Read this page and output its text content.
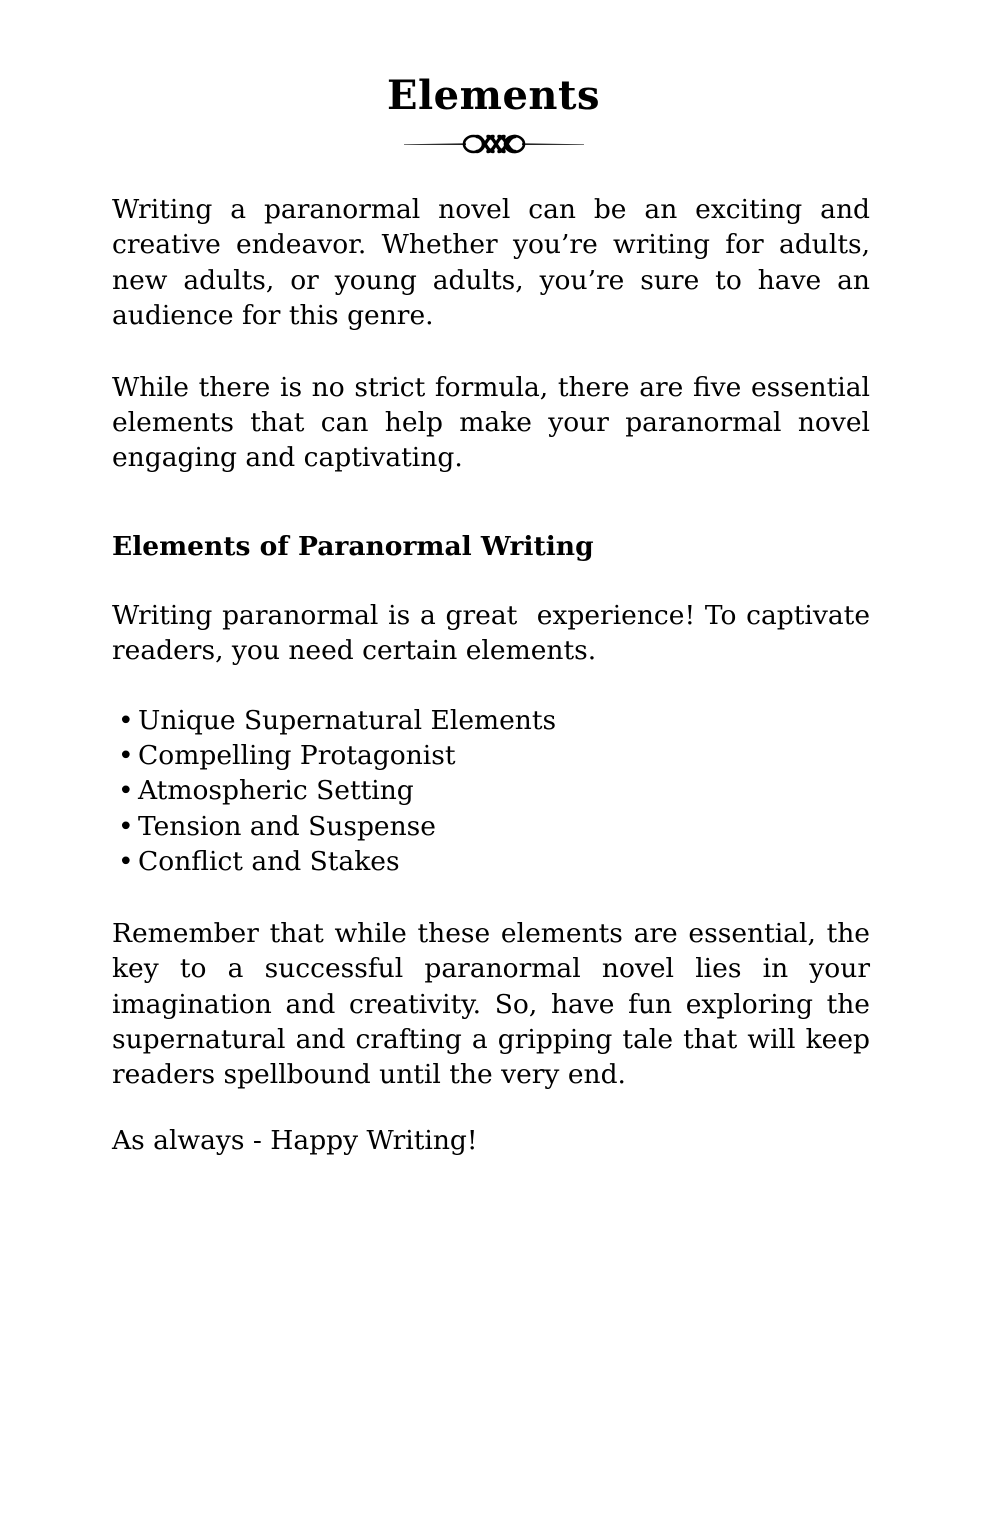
Elements

Writing a paranormal novel can be an exciting and creative endeavor. Whether you’re writing for adults, new adults, or young adults, you’re sure to have an audience for this genre.

While there is no strict formula, there are five essential elements that can help make your paranormal novel engaging and captivating.

Elements of Paranormal Writing

Writing paranormal is a great  experience! To captivate readers, you need certain elements.

• Unique Supernatural Elements
• Compelling Protagonist
• Atmospheric Setting
• Tension and Suspense
• Conflict and Stakes

Remember that while these elements are essential, the key to a successful paranormal novel lies in your imagination and creativity. So, have fun exploring the supernatural and crafting a gripping tale that will keep readers spellbound until the very end.

As always - Happy Writing!
